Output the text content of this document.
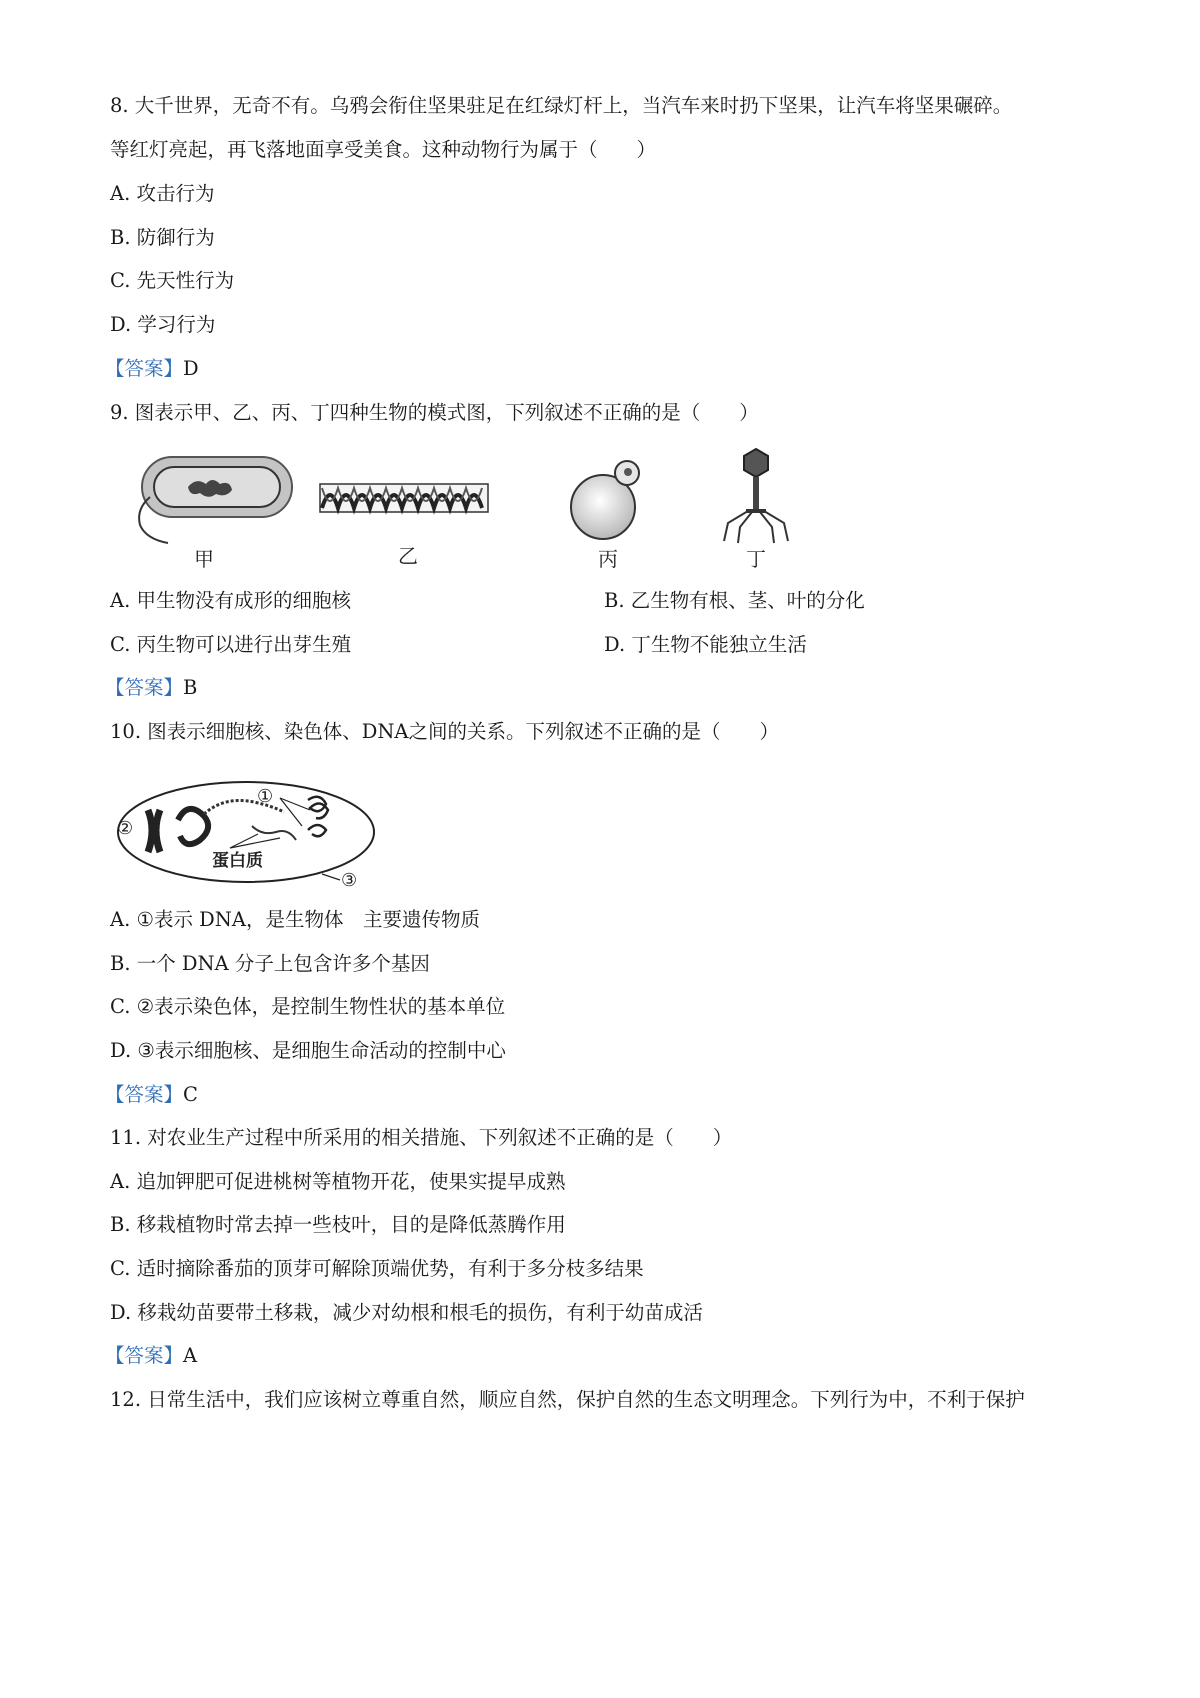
8. 大千世界，无奇不有。乌鸦会衔住坚果驻足在红绿灯杆上，当汽车来时扔下坚果，让汽车将坚果碾碎。
等红灯亮起，再飞落地面享受美食。这种动物行为属于（　　）
A. 攻击行为
B. 防御行为
C. 先天性行为
D. 学习行为
【答案】D
9. 图表示甲、乙、丙、丁四种生物的模式图，下列叙述不正确的是（　　）
甲	乙	丙	丁
A. 甲生物没有成形的细胞核	B. 乙生物有根、茎、叶的分化
C. 丙生物可以进行出芽生殖	D. 丁生物不能独立生活
【答案】B
10. 图表示细胞核、染色体、DNA之间的关系。下列叙述不正确的是（　　）
①
②
③
蛋白质
A. ①表示 DNA，是生物体　主要遗传物质
B. 一个 DNA 分子上包含许多个基因
C. ②表示染色体，是控制生物性状的基本单位
D. ③表示细胞核、是细胞生命活动的控制中心
【答案】C
11. 对农业生产过程中所采用的相关措施、下列叙述不正确的是（　　）
A. 追加钾肥可促进桃树等植物开花，使果实提早成熟
B. 移栽植物时常去掉一些枝叶，目的是降低蒸腾作用
C. 适时摘除番茄的顶芽可解除顶端优势，有利于多分枝多结果
D. 移栽幼苗要带土移栽，减少对幼根和根毛的损伤，有利于幼苗成活
【答案】A
12. 日常生活中，我们应该树立尊重自然，顺应自然，保护自然的生态文明理念。下列行为中，不利于保护
